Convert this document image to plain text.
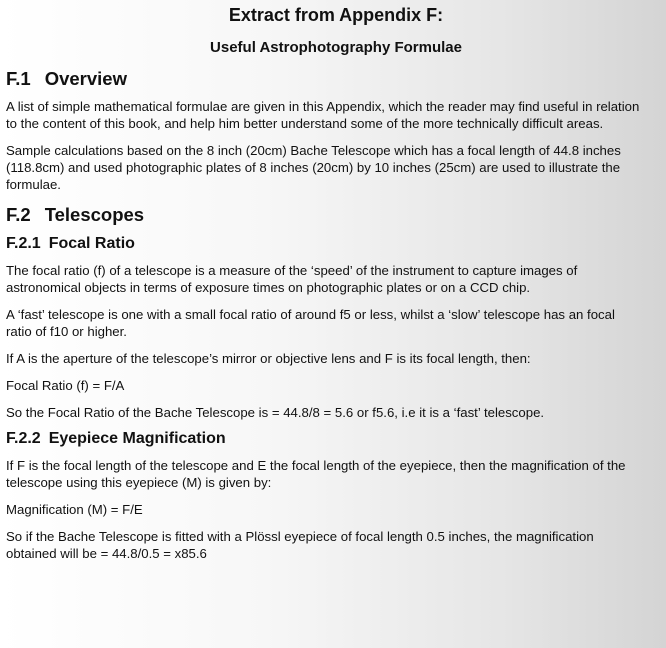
Extract from Appendix F:
Useful Astrophotography Formulae
F.1 Overview

A list of simple mathematical formulae are given in this Appendix, which the reader may find useful in relation to the content of this book, and help him better understand some of the more technically difficult areas.

Sample calculations based on the 8 inch (20cm) Bache Telescope which has a focal length of 44.8 inches (118.8cm) and used photographic plates of 8 inches (20cm) by 10 inches (25cm) are used to illustrate the formulae.

F.2 Telescopes
F.2.1 Focal Ratio

The focal ratio (f) of a telescope is a measure of the ‘speed’ of the instrument to capture images of astronomical objects in terms of exposure times on photographic plates or on a CCD chip.

A ‘fast’ telescope is one with a small focal ratio of around f5 or less, whilst a ‘slow’ telescope has an focal ratio of f10 or higher.

If A is the aperture of the telescope’s mirror or objective lens and F is its focal length, then:

Focal Ratio (f) = F/A

So the Focal Ratio of the Bache Telescope is = 44.8/8 = 5.6 or f5.6, i.e it is a ‘fast’ telescope.

F.2.2 Eyepiece Magnification

If F is the focal length of the telescope and E the focal length of the eyepiece, then the magnification of the telescope using this eyepiece (M) is given by:

Magnification (M) = F/E

So if the Bache Telescope is fitted with a Plössl eyepiece of focal length 0.5 inches, the magnification obtained will be = 44.8/0.5 = x85.6
